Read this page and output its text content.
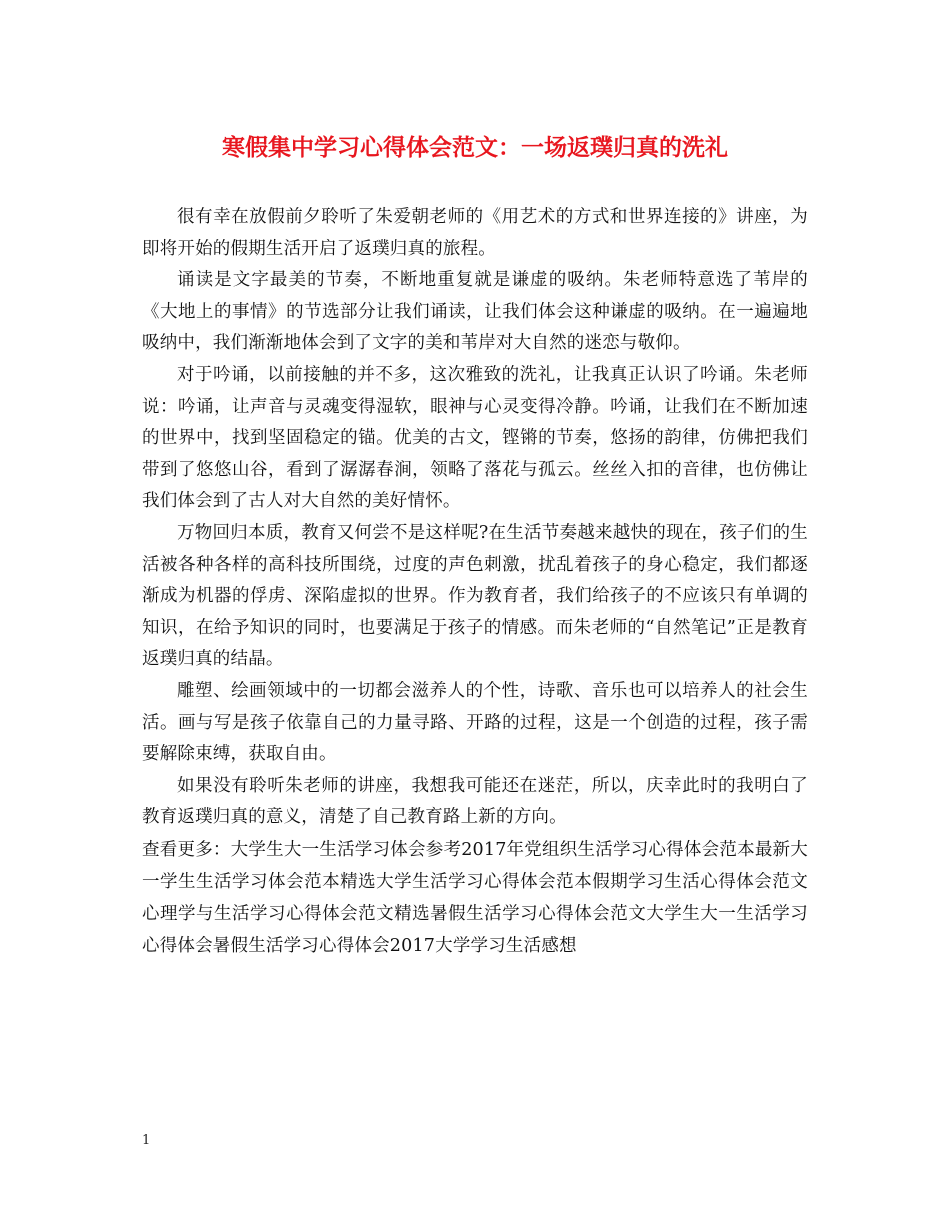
寒假集中学习心得体会范文：一场返璞归真的洗礼

很有幸在放假前夕聆听了朱爱朝老师的《用艺术的方式和世界连接的》讲座，为即将开始的假期生活开启了返璞归真的旅程。

诵读是文字最美的节奏，不断地重复就是谦虚的吸纳。朱老师特意选了苇岸的《大地上的事情》的节选部分让我们诵读，让我们体会这种谦虚的吸纳。在一遍遍地吸纳中，我们渐渐地体会到了文字的美和苇岸对大自然的迷恋与敬仰。

对于吟诵，以前接触的并不多，这次雅致的洗礼，让我真正认识了吟诵。朱老师说：吟诵，让声音与灵魂变得湿软，眼神与心灵变得冷静。吟诵，让我们在不断加速的世界中，找到坚固稳定的锚。优美的古文，铿锵的节奏，悠扬的韵律，仿佛把我们带到了悠悠山谷，看到了潺潺春涧，领略了落花与孤云。丝丝入扣的音律，也仿佛让我们体会到了古人对大自然的美好情怀。

万物回归本质，教育又何尝不是这样呢?在生活节奏越来越快的现在，孩子们的生活被各种各样的高科技所围绕，过度的声色刺激，扰乱着孩子的身心稳定，我们都逐渐成为机器的俘虏、深陷虚拟的世界。作为教育者，我们给孩子的不应该只有单调的知识，在给予知识的同时，也要满足于孩子的情感。而朱老师的“自然笔记”正是教育返璞归真的结晶。

雕塑、绘画领域中的一切都会滋养人的个性，诗歌、音乐也可以培养人的社会生活。画与写是孩子依靠自己的力量寻路、开路的过程，这是一个创造的过程，孩子需要解除束缚，获取自由。

如果没有聆听朱老师的讲座，我想我可能还在迷茫，所以，庆幸此时的我明白了教育返璞归真的意义，清楚了自己教育路上新的方向。

查看更多：大学生大一生活学习体会参考2017年党组织生活学习心得体会范本最新大一学生生活学习体会范本精选大学生活学习心得体会范本假期学习生活心得体会范文心理学与生活学习心得体会范文精选暑假生活学习心得体会范文大学生大一生活学习心得体会暑假生活学习心得体会2017大学学习生活感想

1
